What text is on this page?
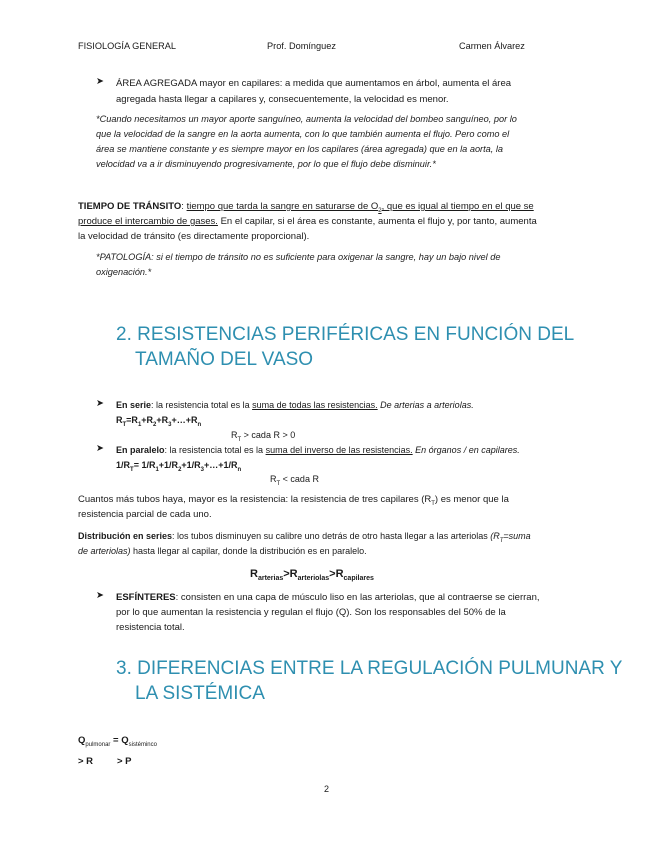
FISIOLOGÍA GENERAL	Prof. Domínguez	Carmen Álvarez
➤ ÁREA AGREGADA mayor en capilares: a medida que aumentamos en árbol, aumenta el área
agregada hasta llegar a capilares y, consecuentemente, la velocidad es menor.
*Cuando necesitamos un mayor aporte sanguíneo, aumenta la velocidad del bombeo sanguíneo, por lo
que la velocidad de la sangre en la aorta aumenta, con lo que también aumenta el flujo. Pero como el
área se mantiene constante y es siempre mayor en los capilares (área agregada) que en la aorta, la
velocidad va a ir disminuyendo progresivamente, por lo que el flujo debe disminuir.*
TIEMPO DE TRÁNSITO: tiempo que tarda la sangre en saturarse de $O_2$, que es igual al tiempo en el que se
produce el intercambio de gases. En el capilar, si el área es constante, aumenta el flujo y, por tanto, aumenta
la velocidad de tránsito (es directamente proporcional).
*PATOLOGÍA: si el tiempo de tránsito no es suficiente para oxigenar la sangre, hay un bajo nivel de
oxigenación.*
2. RESISTENCIAS PERIFÉRICAS EN FUNCIÓN DEL
TAMAÑO DEL VASO
➤ En serie: la resistencia total es la suma de todas las resistencias. De arterias a arteriolas.
$R_T=R_1+R_2+R_3+\dots+R_n$
$R_T$ > cada R > 0
➤ En paralelo: la resistencia total es la suma del inverso de las resistencias. En órganos / en capilares.
$1/R_T=$ $1/R_1+1/R_2+1/R_3+\dots+1/R_n$
$R_T$ < cada R
Cuantos más tubos haya, mayor es la resistencia: la resistencia de tres capilares $(R_T)$ es menor que la
resistencia parcial de cada uno.
Distribución en series: los tubos disminuyen su calibre uno detrás de otro hasta llegar a las arteriolas ($R_T=suma$
de arteriolas) hasta llegar al capilar, donde la distribución es en paralelo.
$R_{arterias}>R_{arteriolas}>R_{capilares}$
➤ ESFÍNTERES: consisten en una capa de músculo liso en las arteriolas, que al contraerse se cierran,
por lo que aumentan la resistencia y regulan el flujo (Q). Son los responsables del 50% de la
resistencia total.
3. DIFERENCIAS ENTRE LA REGULACIÓN PULMUNAR Y
LA SISTÉMICA
$Q_{pulmonar} = Q_{sistéminco}$
> R	> P
2
